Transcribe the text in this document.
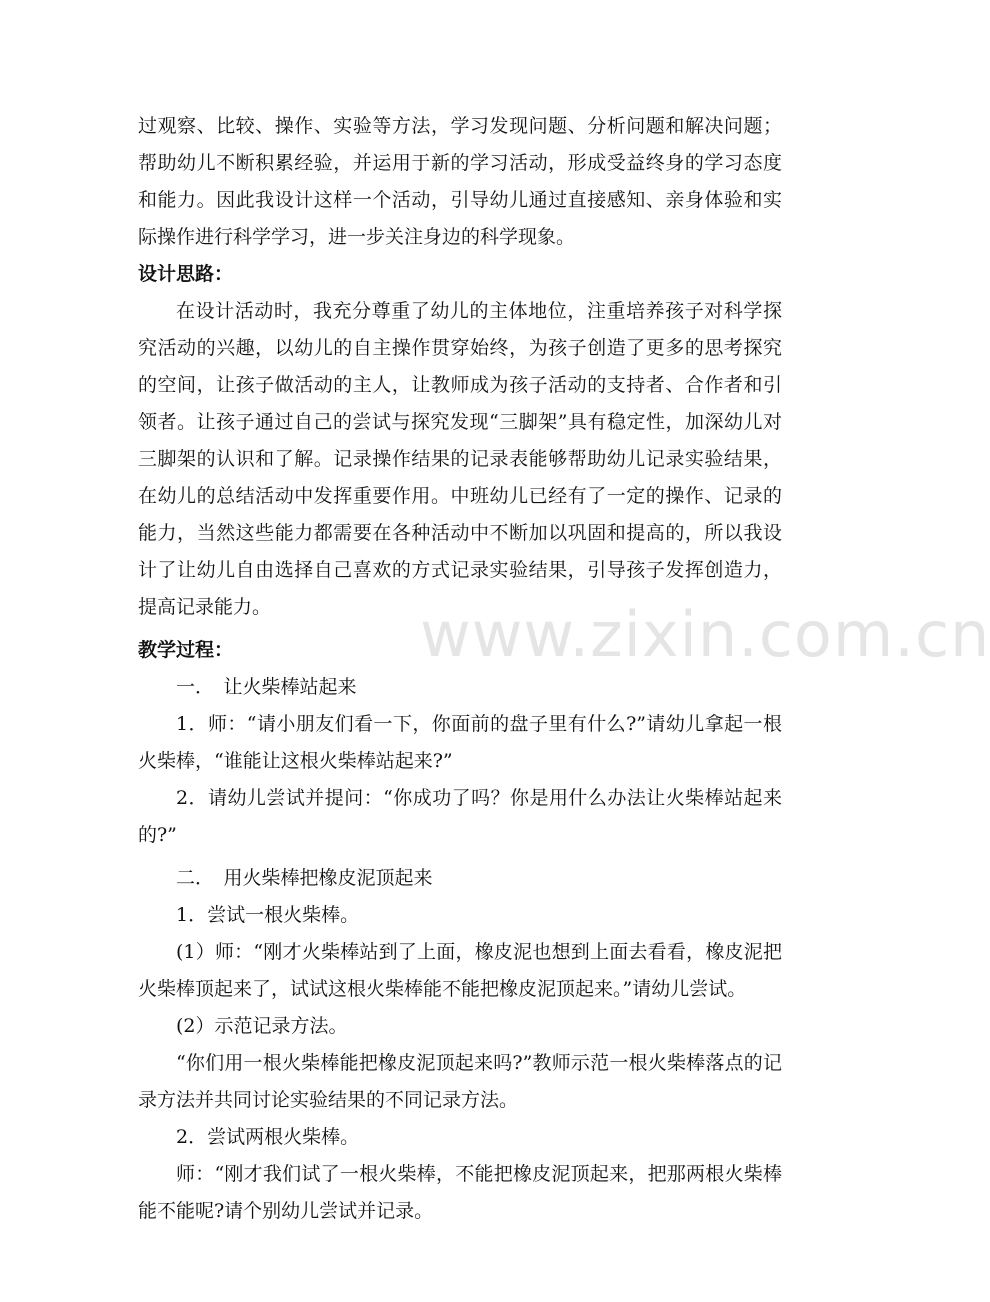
过观察、比较、操作、实验等方法，学习发现问题、分析问题和解决问题；帮助幼儿不断积累经验，并运用于新的学习活动，形成受益终身的学习态度和能力。因此我设计这样一个活动，引导幼儿通过直接感知、亲身体验和实际操作进行科学学习，进一步关注身边的科学现象。

设计思路：

在设计活动时，我充分尊重了幼儿的主体地位，注重培养孩子对科学探究活动的兴趣，以幼儿的自主操作贯穿始终，为孩子创造了更多的思考探究的空间，让孩子做活动的主人，让教师成为孩子活动的支持者、合作者和引领者。让孩子通过自己的尝试与探究发现“三脚架”具有稳定性，加深幼儿对三脚架的认识和了解。记录操作结果的记录表能够帮助幼儿记录实验结果，在幼儿的总结活动中发挥重要作用。中班幼儿已经有了一定的操作、记录的能力，当然这些能力都需要在各种活动中不断加以巩固和提高的，所以我设计了让幼儿自由选择自己喜欢的方式记录实验结果，引导孩子发挥创造力，提高记录能力。

教学过程：

一．　让火柴棒站起来

1．师：“请小朋友们看一下，你面前的盘子里有什么?”请幼儿拿起一根火柴棒，“谁能让这根火柴棒站起来?”

2．请幼儿尝试并提问：“你成功了吗？你是用什么办法让火柴棒站起来的?”

二．　用火柴棒把橡皮泥顶起来

1．尝试一根火柴棒。

(1）师：“刚才火柴棒站到了上面，橡皮泥也想到上面去看看，橡皮泥把火柴棒顶起来了，试试这根火柴棒能不能把橡皮泥顶起来。”请幼儿尝试。

(2）示范记录方法。

“你们用一根火柴棒能把橡皮泥顶起来吗?”教师示范一根火柴棒落点的记录方法并共同讨论实验结果的不同记录方法。

2．尝试两根火柴棒。

师：“刚才我们试了一根火柴棒，不能把橡皮泥顶起来，把那两根火柴棒能不能呢?请个别幼儿尝试并记录。

www.zixin.com.cn
